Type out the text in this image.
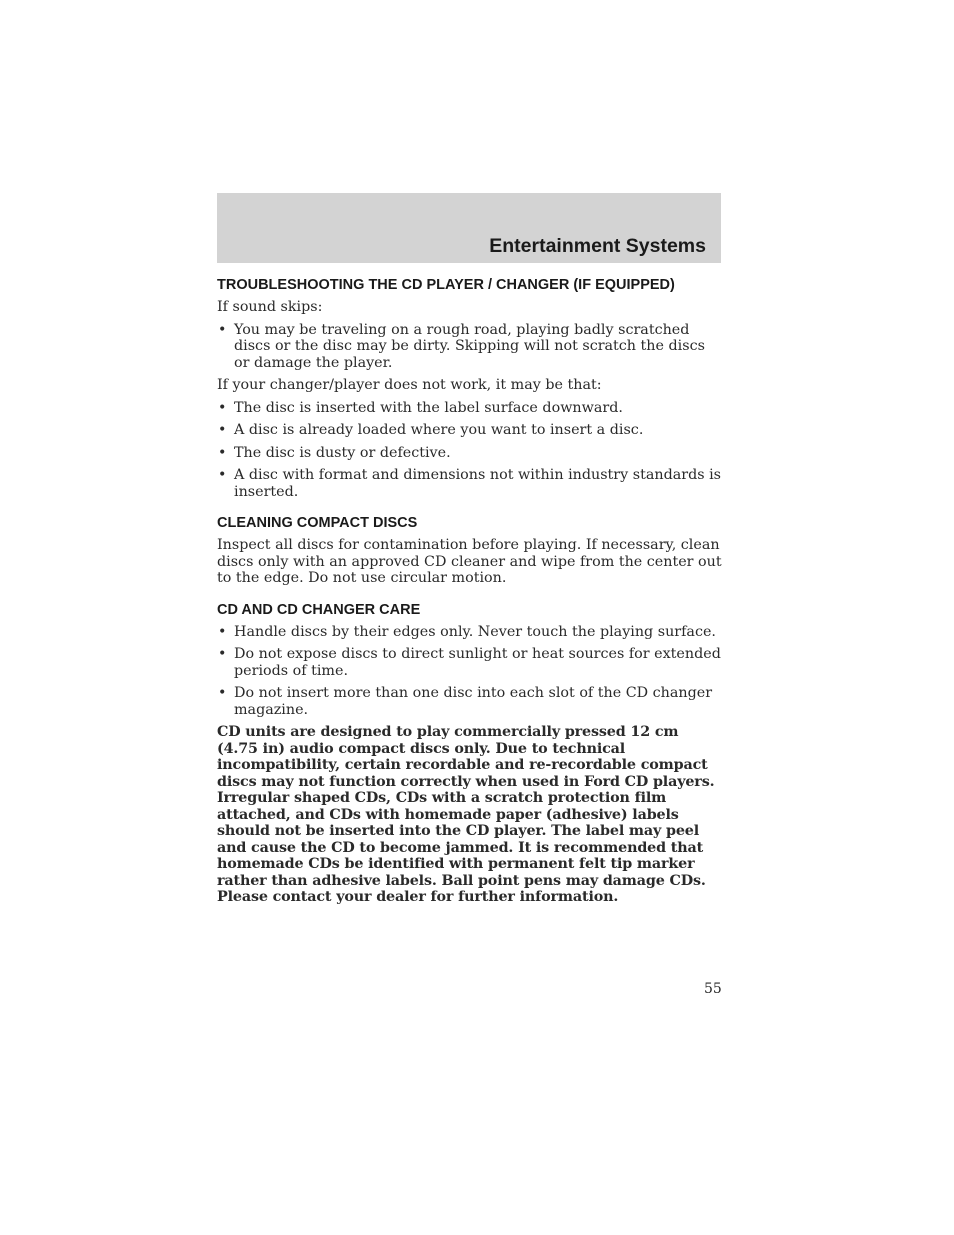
Entertainment Systems
TROUBLESHOOTING THE CD PLAYER / CHANGER (IF EQUIPPED)

If sound skips:

• You may be traveling on a rough road, playing badly scratched discs or the disc may be dirty. Skipping will not scratch the discs or damage the player.

If your changer/player does not work, it may be that:

• The disc is inserted with the label surface downward.
• A disc is already loaded where you want to insert a disc.
• The disc is dusty or defective.
• A disc with format and dimensions not within industry standards is inserted.
CLEANING COMPACT DISCS

Inspect all discs for contamination before playing. If necessary, clean discs only with an approved CD cleaner and wipe from the center out to the edge. Do not use circular motion.

CD AND CD CHANGER CARE
• Handle discs by their edges only. Never touch the playing surface.
• Do not expose discs to direct sunlight or heat sources for extended periods of time.
• Do not insert more than one disc into each slot of the CD changer magazine.

CD units are designed to play commercially pressed 12 cm (4.75 in) audio compact discs only. Due to technical incompatibility, certain recordable and re-recordable compact discs may not function correctly when used in Ford CD players. Irregular shaped CDs, CDs with a scratch protection film attached, and CDs with homemade paper (adhesive) labels should not be inserted into the CD player. The label may peel and cause the CD to become jammed. It is recommended that homemade CDs be identified with permanent felt tip marker rather than adhesive labels. Ball point pens may damage CDs. Please contact your dealer for further information.

55
